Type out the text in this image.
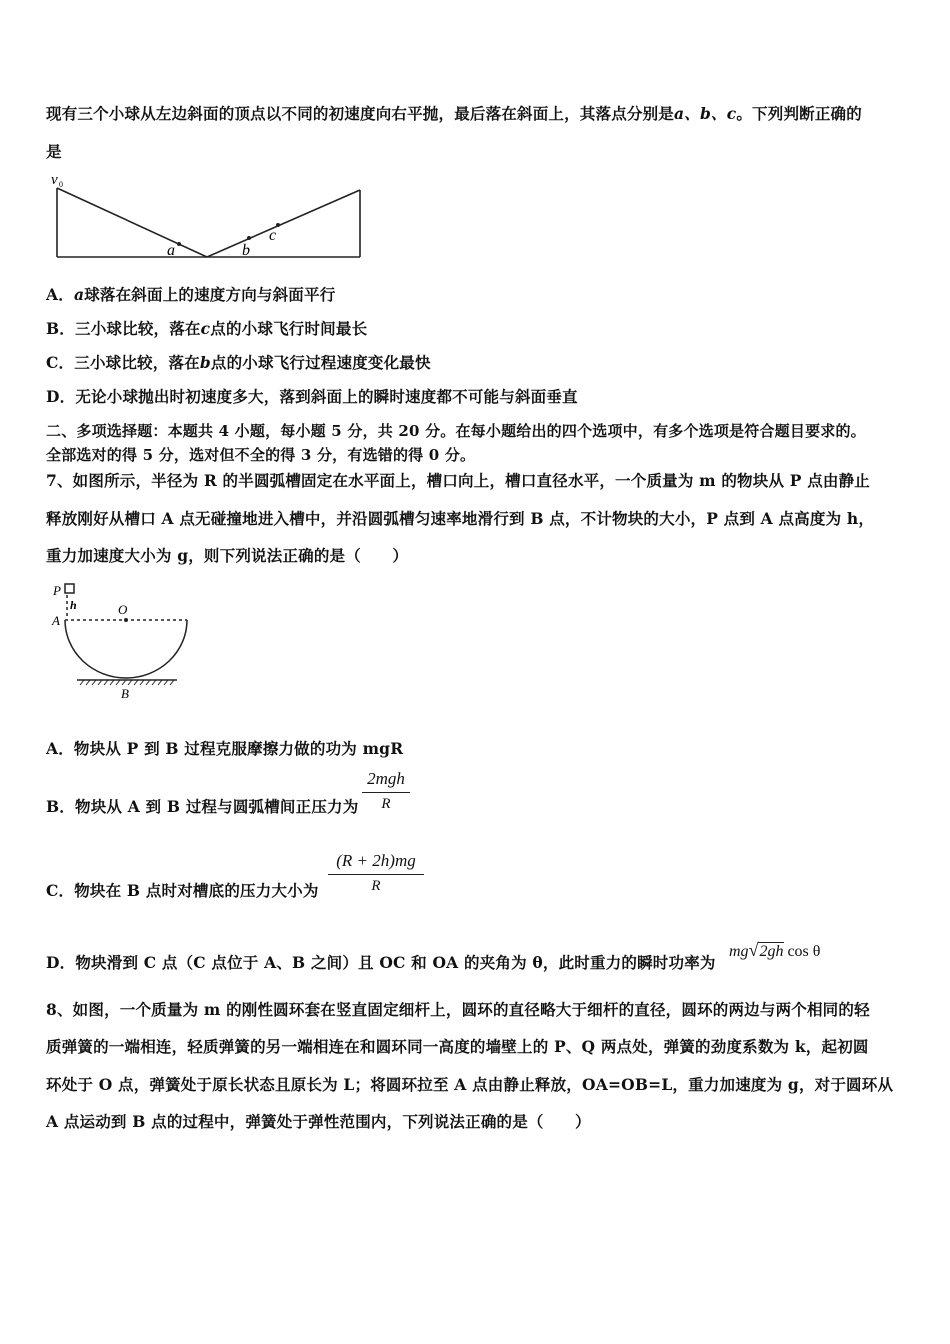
现有三个小球从左边斜面的顶点以不同的初速度向右平抛，最后落在斜面上，其落点分别是a、b、c。下列判断正确的
是
v 0
a	b
c
A．a球落在斜面上的速度方向与斜面平行
B．三小球比较，落在c点的小球飞行时间最长
C．三小球比较，落在b点的小球飞行过程速度变化最快
D．无论小球抛出时初速度多大，落到斜面上的瞬时速度都不可能与斜面垂直
二、多项选择题：本题共 4 小题，每小题 5 分，共 20 分。在每小题给出的四个选项中，有多个选项是符合题目要求的。
全部选对的得 5 分，选对但不全的得 3 分，有选错的得 0 分。
7、如图所示，半径为 R 的半圆弧槽固定在水平面上，槽口向上，槽口直径水平，一个质量为 m 的物块从 P 点由静止
释放刚好从槽口 A 点无碰撞地进入槽中，并沿圆弧槽匀速率地滑行到 B 点，不计物块的大小，P 点到 A 点高度为 h，
重力加速度大小为 g，则下列说法正确的是（　　）
P
h	O
A
B
A．物块从 P 到 B 过程克服摩擦力做的功为 mgR
B．物块从 A 到 B 过程与圆弧槽间正压力为
2mgh
R
C．物块在 B 点时对槽底的压力大小为
(R + 2h)mg
R
D．物块滑到 C 点（C 点位于 A、B 之间）且 OC 和 OA 的夹角为 θ，此时重力的瞬时功率为
mg√2gh cos θ
8、如图，一个质量为 m 的刚性圆环套在竖直固定细杆上，圆环的直径略大于细杆的直径，圆环的两边与两个相同的轻
质弹簧的一端相连，轻质弹簧的另一端相连在和圆环同一高度的墙壁上的 P、Q 两点处，弹簧的劲度系数为 k，起初圆
环处于 O 点，弹簧处于原长状态且原长为 L；将圆环拉至 A 点由静止释放，OA=OB=L，重力加速度为 g，对于圆环从
A 点运动到 B 点的过程中，弹簧处于弹性范围内，下列说法正确的是（　　）
